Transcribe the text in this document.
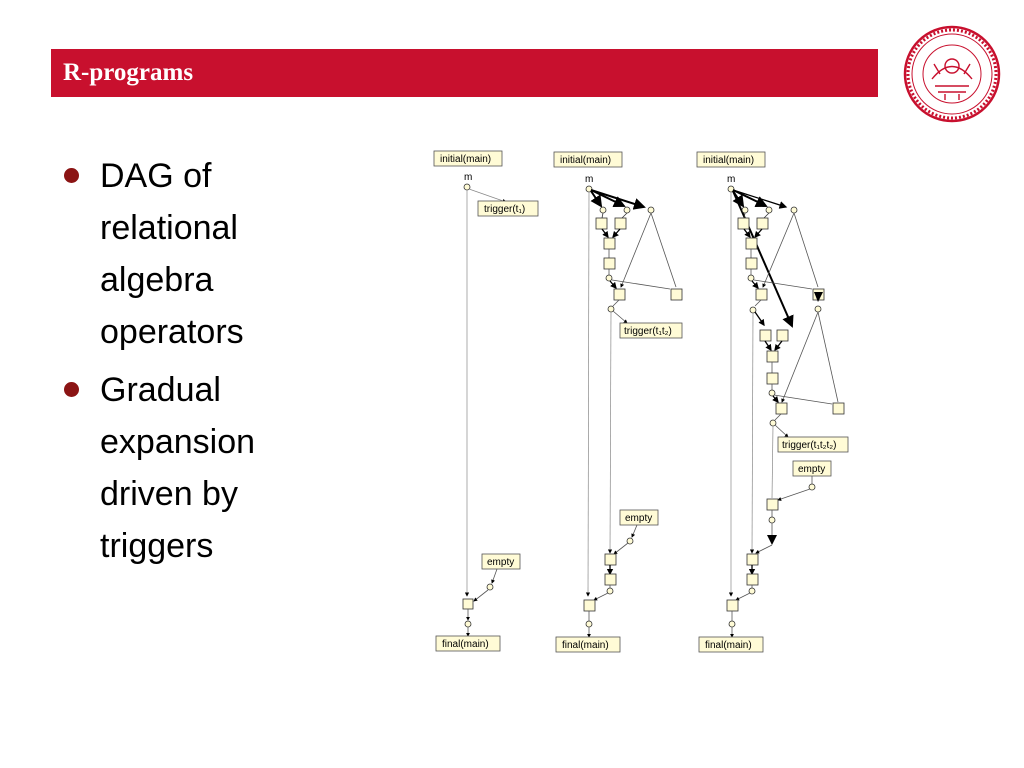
R-programs
DAG of relational algebra operators
Gradual expansion driven by triggers
initial(main)
m
trigger(t₁)
empty
final(main)
initial(main)
m
trigger(t₁t₂)
empty
final(main)
initial(main)
m
trigger(t₁t₂t₂)
empty
final(main)
